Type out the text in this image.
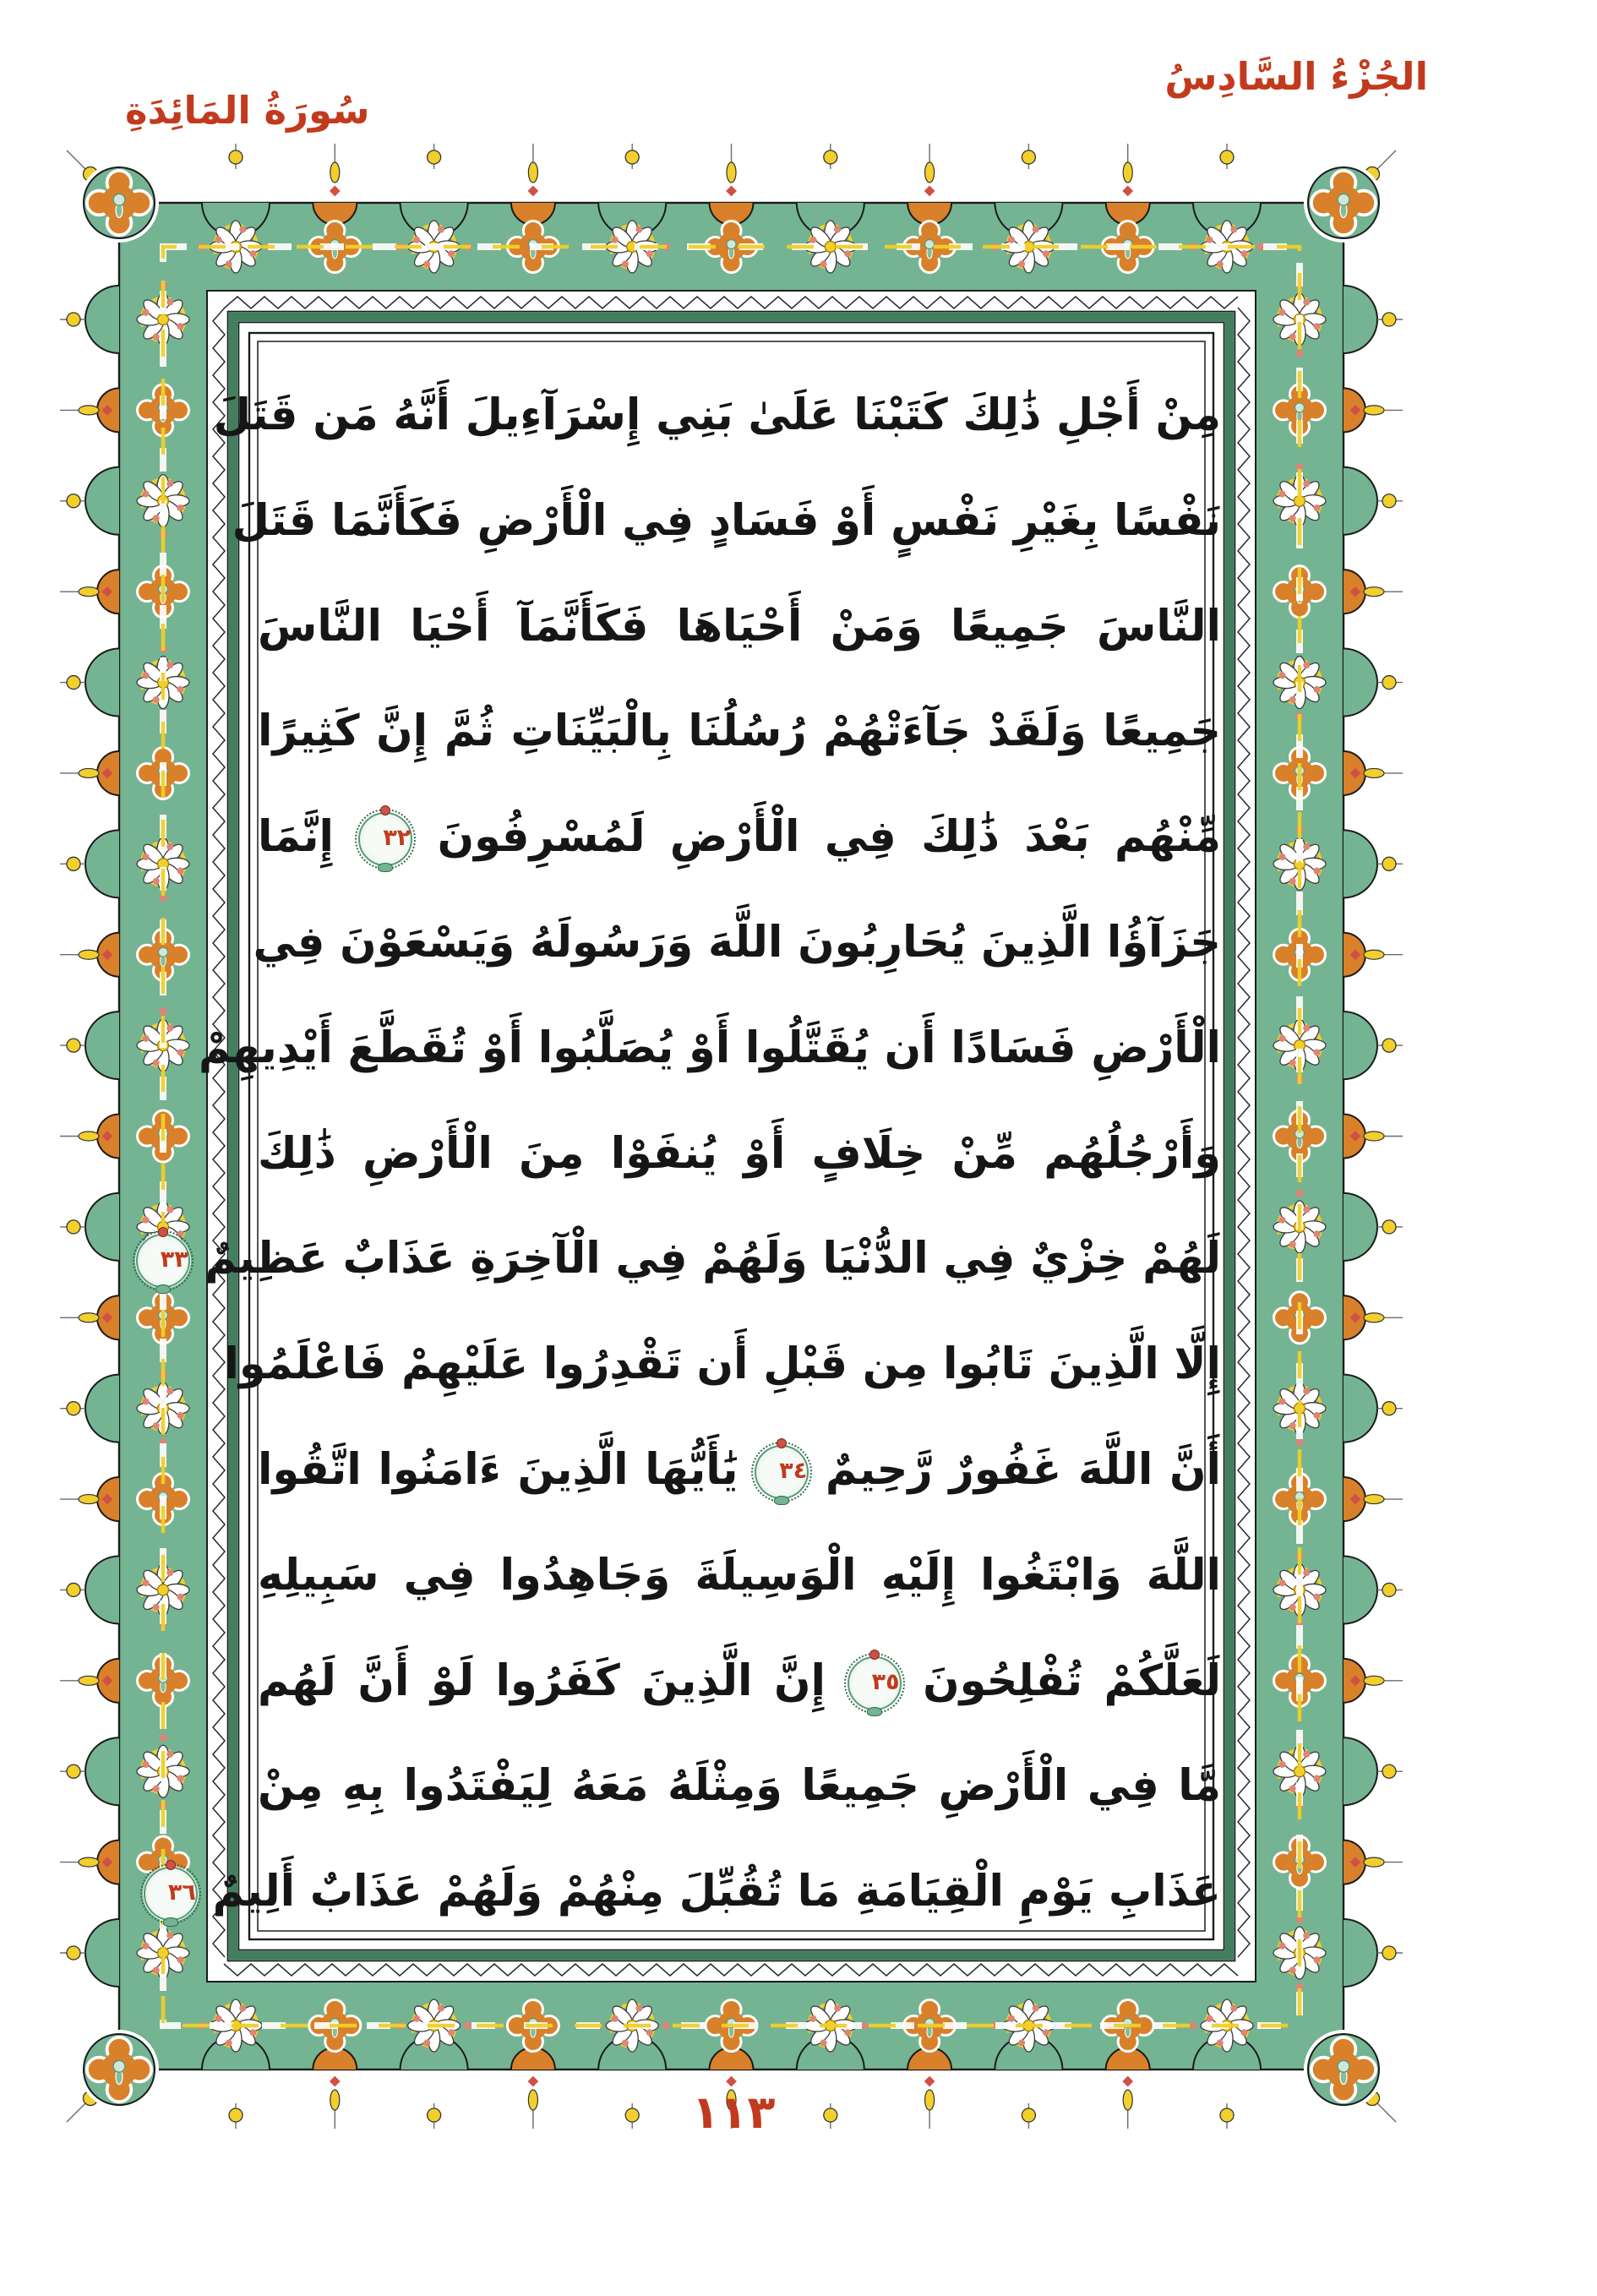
الجُزْءُ السَّادِسُ
سُورَةُ المَائِدَةِ
مِنْ أَجْلِ ذَٰلِكَ كَتَبْنَا عَلَىٰ بَنِي إِسْرَآءِيلَ أَنَّهُ مَن قَتَلَ
نَفْسًا بِغَيْرِ نَفْسٍ أَوْ فَسَادٍ فِي الْأَرْضِ فَكَأَنَّمَا قَتَلَ
النَّاسَ جَمِيعًا وَمَنْ أَحْيَاهَا فَكَأَنَّمَآ أَحْيَا النَّاسَ
جَمِيعًا وَلَقَدْ جَآءَتْهُمْ رُسُلُنَا بِالْبَيِّنَاتِ ثُمَّ إِنَّ كَثِيرًا
مِّنْهُم بَعْدَ ذَٰلِكَ فِي الْأَرْضِ لَمُسْرِفُونَ
٣٢
إِنَّمَا
جَزَآؤُا الَّذِينَ يُحَارِبُونَ اللَّهَ وَرَسُولَهُ وَيَسْعَوْنَ فِي
الْأَرْضِ فَسَادًا أَن يُقَتَّلُوا أَوْ يُصَلَّبُوا أَوْ تُقَطَّعَ أَيْدِيهِمْ
وَأَرْجُلُهُم مِّنْ خِلَافٍ أَوْ يُنفَوْا مِنَ الْأَرْضِ ذَٰلِكَ
لَهُمْ خِزْيٌ فِي الدُّنْيَا وَلَهُمْ فِي الْآخِرَةِ عَذَابٌ عَظِيمٌ
٣٣
إِلَّا الَّذِينَ تَابُوا مِن قَبْلِ أَن تَقْدِرُوا عَلَيْهِمْ فَاعْلَمُوا
أَنَّ اللَّهَ غَفُورٌ رَّحِيمٌ
٣٤
يَٰأَيُّهَا الَّذِينَ ءَامَنُوا اتَّقُوا
اللَّهَ وَابْتَغُوا إِلَيْهِ الْوَسِيلَةَ وَجَاهِدُوا فِي سَبِيلِهِ
لَعَلَّكُمْ تُفْلِحُونَ
٣٥
إِنَّ الَّذِينَ كَفَرُوا لَوْ أَنَّ لَهُم
مَّا فِي الْأَرْضِ جَمِيعًا وَمِثْلَهُ مَعَهُ لِيَفْتَدُوا بِهِ مِنْ
عَذَابِ يَوْمِ الْقِيَامَةِ مَا تُقُبِّلَ مِنْهُمْ وَلَهُمْ عَذَابٌ أَلِيمٌ
٣٦
١١٣
